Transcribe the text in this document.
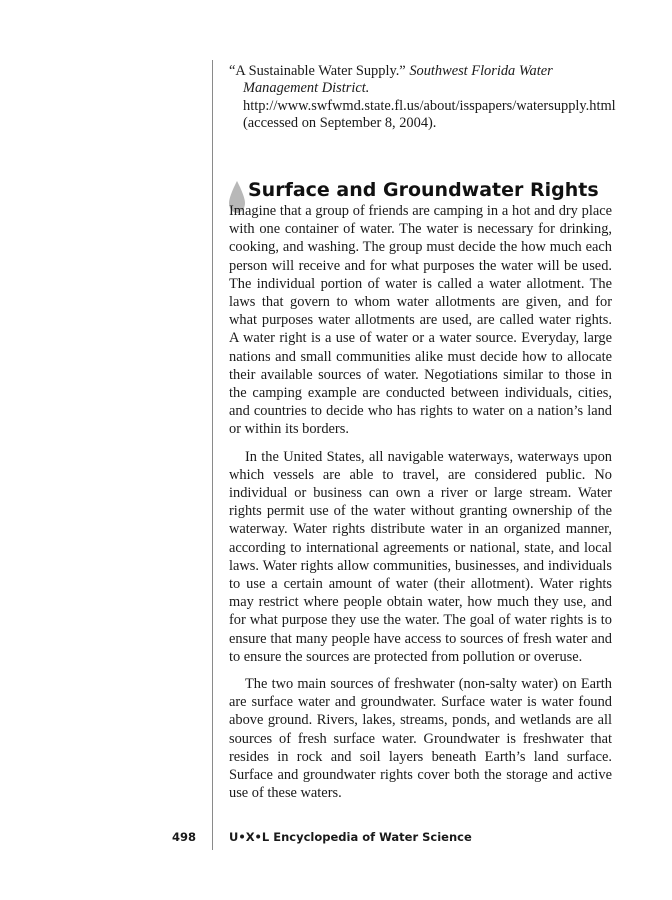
“A Sustainable Water Supply.” Southwest Florida Water Management District. http://www.swfwmd.state.fl.us/about/isspapers/watersupply.html (accessed on September 8, 2004).
Surface and Groundwater Rights

Imagine that a group of friends are camping in a hot and dry place with one container of water. The water is necessary for drinking, cooking, and washing. The group must decide the how much each person will receive and for what purposes the water will be used. The individual portion of water is called a water allotment. The laws that govern to whom water allotments are given, and for what purposes water allotments are used, are called water rights. A water right is a use of water or a water source. Everyday, large nations and small communities alike must decide how to allocate their available sources of water. Negotiations similar to those in the camping example are conducted between individuals, cities, and countries to decide who has rights to water on a nation’s land or within its borders.

In the United States, all navigable waterways, waterways upon which vessels are able to travel, are considered public. No individual or business can own a river or large stream. Water rights permit use of the water without granting ownership of the waterway. Water rights distribute water in an organized manner, according to international agreements or national, state, and local laws. Water rights allow communities, businesses, and individuals to use a certain amount of water (their allotment). Water rights may restrict where people obtain water, how much they use, and for what purpose they use the water. The goal of water rights is to ensure that many people have access to sources of fresh water and to ensure the sources are protected from pollution or overuse.

The two main sources of freshwater (non-salty water) on Earth are surface water and groundwater. Surface water is water found above ground. Rivers, lakes, streams, ponds, and wetlands are all sources of fresh surface water. Groundwater is freshwater that resides in rock and soil layers beneath Earth’s land surface. Surface and groundwater rights cover both the storage and active use of these waters.

498	U•X•L Encyclopedia of Water Science
